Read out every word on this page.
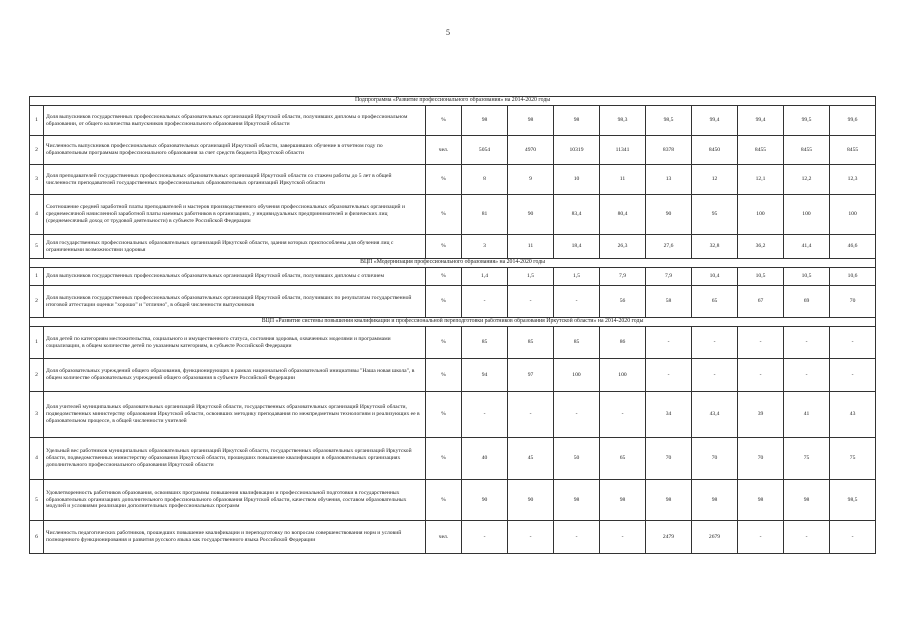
5
Подпрограмма «Развитие профессионального образования» на 2014-2020 годы											
1	Доля выпускников государственных профессиональных образовательных организаций Иркутской области, получивших дипломы о профессиональном образовании, от общего количества выпускников профессионального образования Иркутской области	%	98	98	98	98,3	98,5	99,4	99,4	99,5	99,6
2	Численность выпускников профессиональных образовательных организаций Иркутской области, завершивших обучение в отчетном году по образовательным программам профессионального образования за счет средств бюджета Иркутской области	чел.	5054	4970	10319	11341	8378	8450	8455	8455	8455
3	Доля преподавателей государственных профессиональных образовательных организаций Иркутской области со стажем работы до 5 лет в общей численности преподавателей государственных профессиональных образовательных организаций Иркутской области	%	8	9	10	11	13	12	12,1	12,2	12,3
4	Соотношение средней заработной платы преподавателей и мастеров производственного обучения профессиональных образовательных организаций и среднемесячной начисленной заработной платы наемных работников в организациях, у индивидуальных предпринимателей и физических лиц (среднемесячный доход от трудовой деятельности) в субъекте Российской Федерации	%	81	90	83,4	80,4	90	95	100	100	100
5	Доля государственных профессиональных образовательных организаций Иркутской области, здания которых приспособлены для обучения лиц с ограниченными возможностями здоровья	%	3	11	18,4	26,3	27,6	32,8	36,2	41,4	46,6
ВЦП «Модернизация профессионального образования» на 2014-2020 годы											
1	Доля выпускников государственных профессиональных образовательных организаций Иркутской области, получивших дипломы с отличием	%	1,4	1,5	1,5	7,9	7,9	10,4	10,5	10,5	10,6
2	Доля выпускников государственных профессиональных образовательных организаций Иркутской области, получивших по результатам государственной итоговой аттестации оценки "хорошо" и "отлично", в общей численности выпускников	%	-	-	-	56	58	65	67	69	70
ВЦП «Развитие системы повышения квалификации и профессиональной переподготовки работников образования Иркутской области» на 2014-2020 годы											
1	Доля детей по категориям местожительства, социального и имущественного статуса, состояния здоровья, охваченных моделями и программами социализации, в общем количестве детей по указанным категориям, в субъекте Российской Федерации	%	85	85	85	86	-	-	-	-	-
2	Доля образовательных учреждений общего образования, функционирующих в рамках национальной образовательной инициативы "Наша новая школа", в общем количестве образовательных учреждений общего образования в субъекте Российской Федерации	%	94	97	100	100	-	-	-	-	-
3	Доля учителей муниципальных образовательных организаций Иркутской области, государственных образовательных организаций Иркутской области, подведомственных министерству образования Иркутской области, освоивших методику преподавания по межпредметным технологиям и реализующих ее в образовательном процессе, в общей численности учителей	%	-	-	-	-	34	43,4	39	41	43
4	Удельный вес работников муниципальных образовательных организаций Иркутской области, государственных образовательных организаций Иркутской области, подведомственных министерству образования Иркутской области, прошедших повышение квалификации в образовательных организациях дополнительного профессионального образования Иркутской области	%	40	45	50	65	70	70	70	75	75
5	Удовлетворенность работников образования, освоивших программы повышения квалификации и профессиональной подготовки в государственных образовательных организациях дополнительного профессионального образования Иркутской области, качеством обучения, составом образовательных модулей и условиями реализации дополнительных профессиональных программ	%	90	90	98	98	98	98	98	98	98,5
6	Численность педагогических работников, прошедших повышение квалификации и переподготовку по вопросам совершенствования норм и условий полноценного функционирования и развития русского языка как государственного языка Российской Федерации	чел.	-	-	-	-	2479	2679	-	-	-
